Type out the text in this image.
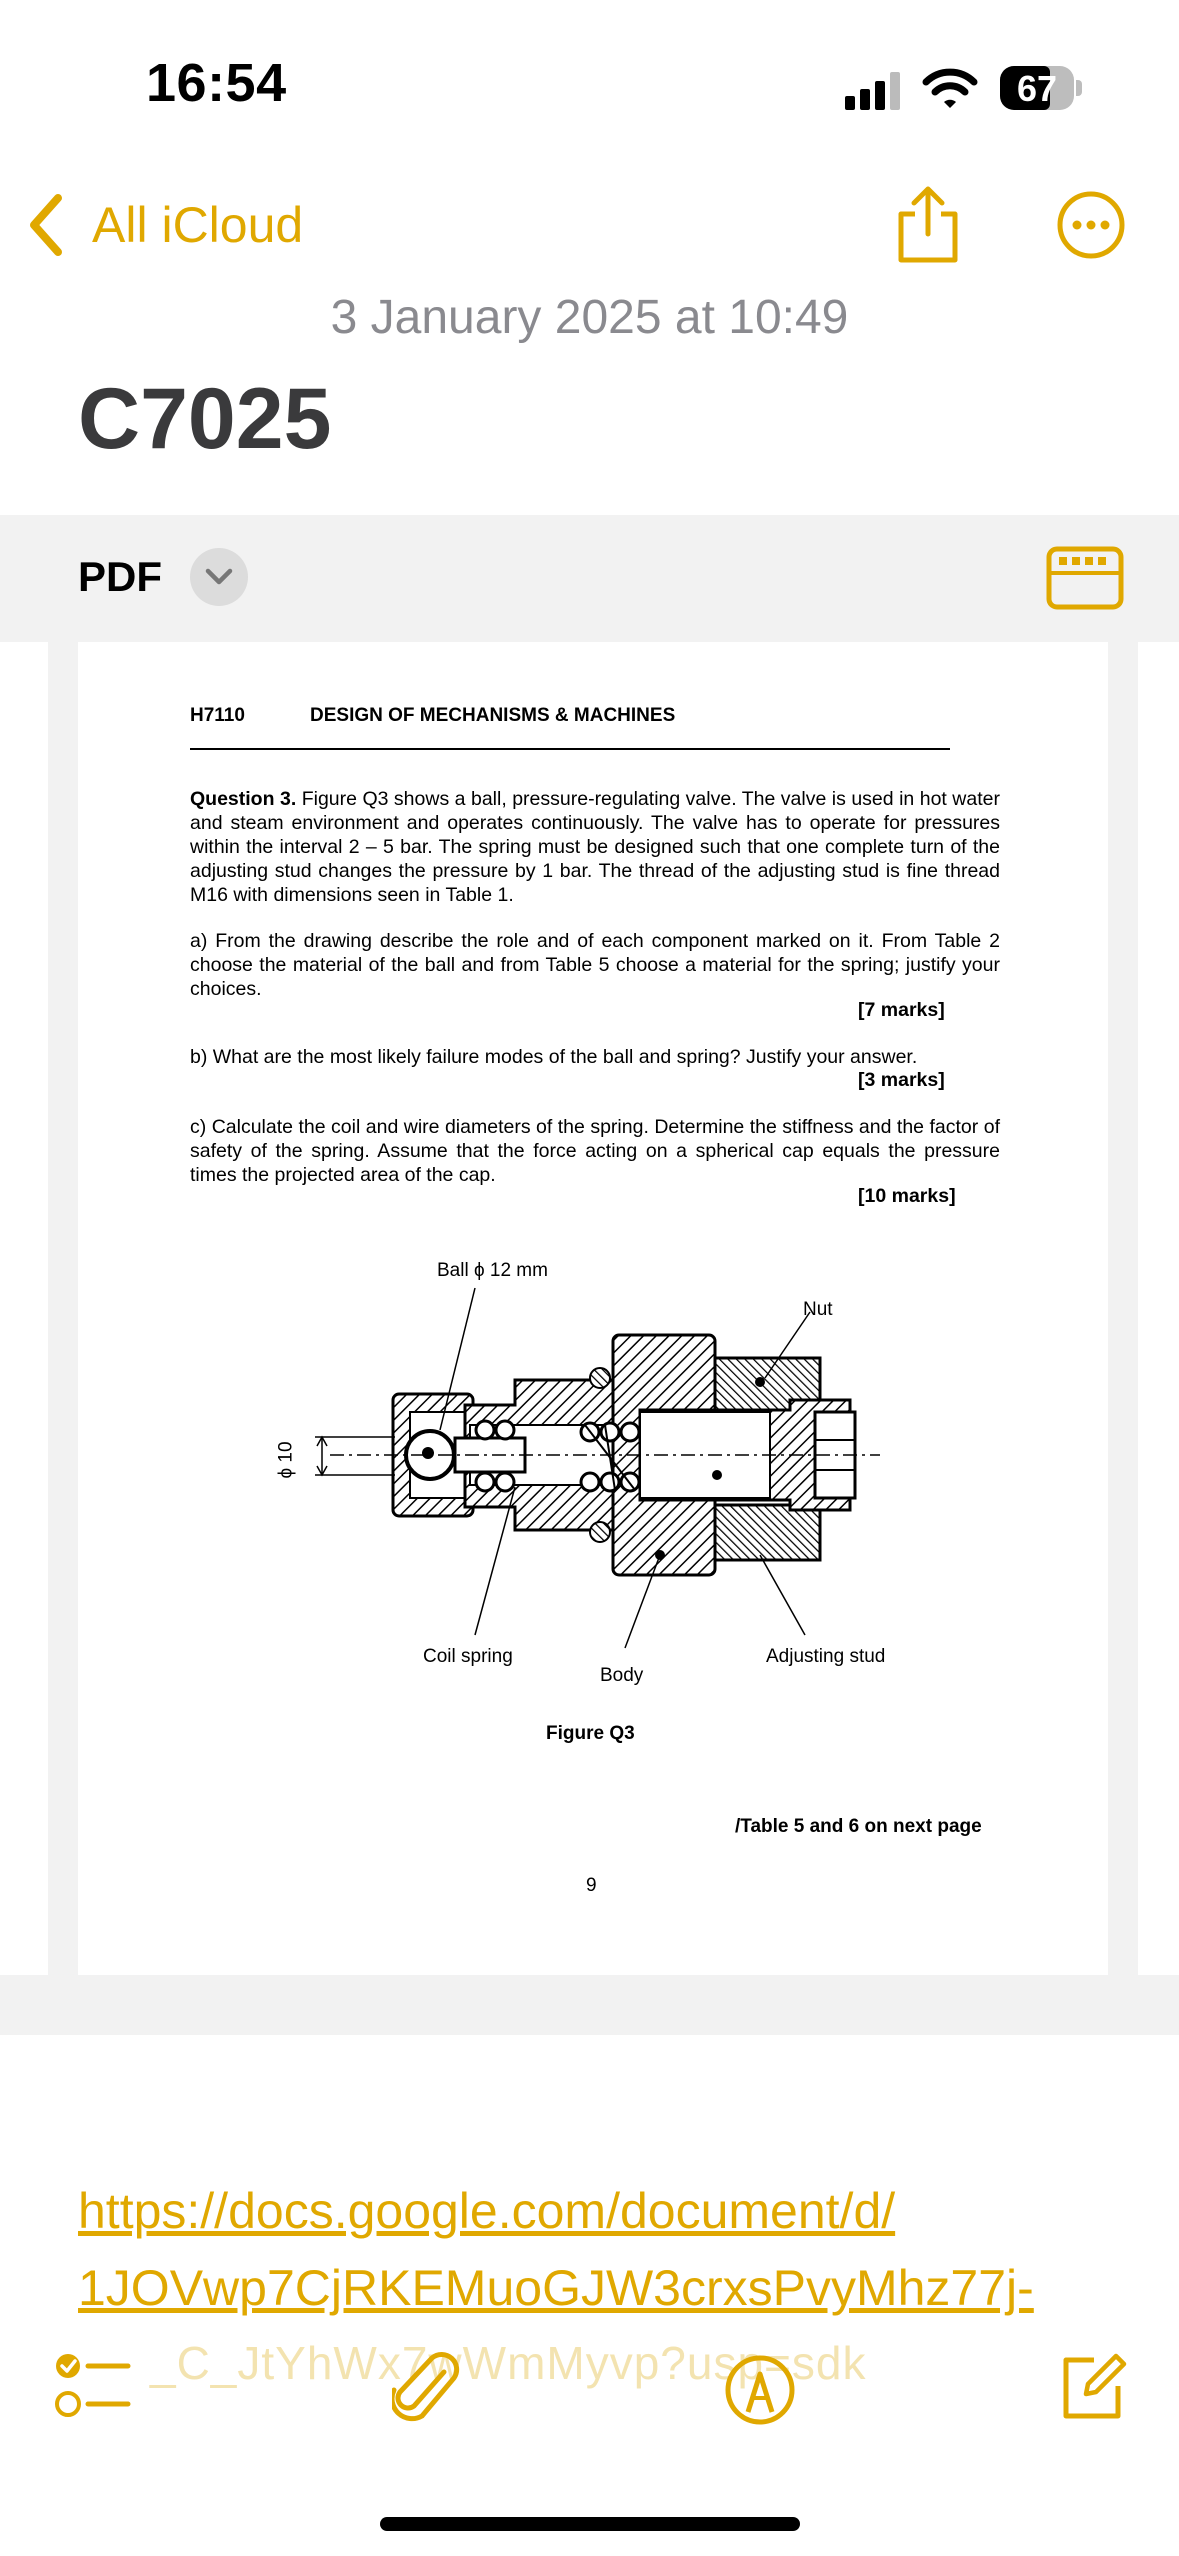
16:54	67
All iCloud
3 January 2025 at 10:49
C7025
PDF
H7110	DESIGN OF MECHANISMS & MACHINES
Question 3. Figure Q3 shows a ball, pressure-regulating valve. The valve is used in hot water and steam environment and operates continuously. The valve has to operate for pressures within the interval 2 – 5 bar. The spring must be designed such that one complete turn of the adjusting stud changes the pressure by 1 bar. The thread of the adjusting stud is fine thread M16 with dimensions seen in Table 1.
a) From the drawing describe the role and of each component marked on it. From Table 2 choose the material of the ball and from Table 5 choose a material for the spring; justify your choices.
[7 marks]
b) What are the most likely failure modes of the ball and spring? Justify your answer.
[3 marks]
c) Calculate the coil and wire diameters of the spring. Determine the stiffness and the factor of safety of the spring. Assume that the force acting on a spherical cap equals the pressure times the projected area of the cap.
[10 marks]
Ball ϕ 12 mm
Nut
ϕ 10
Coil spring
Body
Adjusting stud
Figure Q3
/Table 5 and 6 on next page
9
https://docs.google.com/document/d/
1JOVwp7CjRKEMuoGJW3crxsPvyMhz77j-
_C_JtYhWx7wWmMyvp?usp=sdk
